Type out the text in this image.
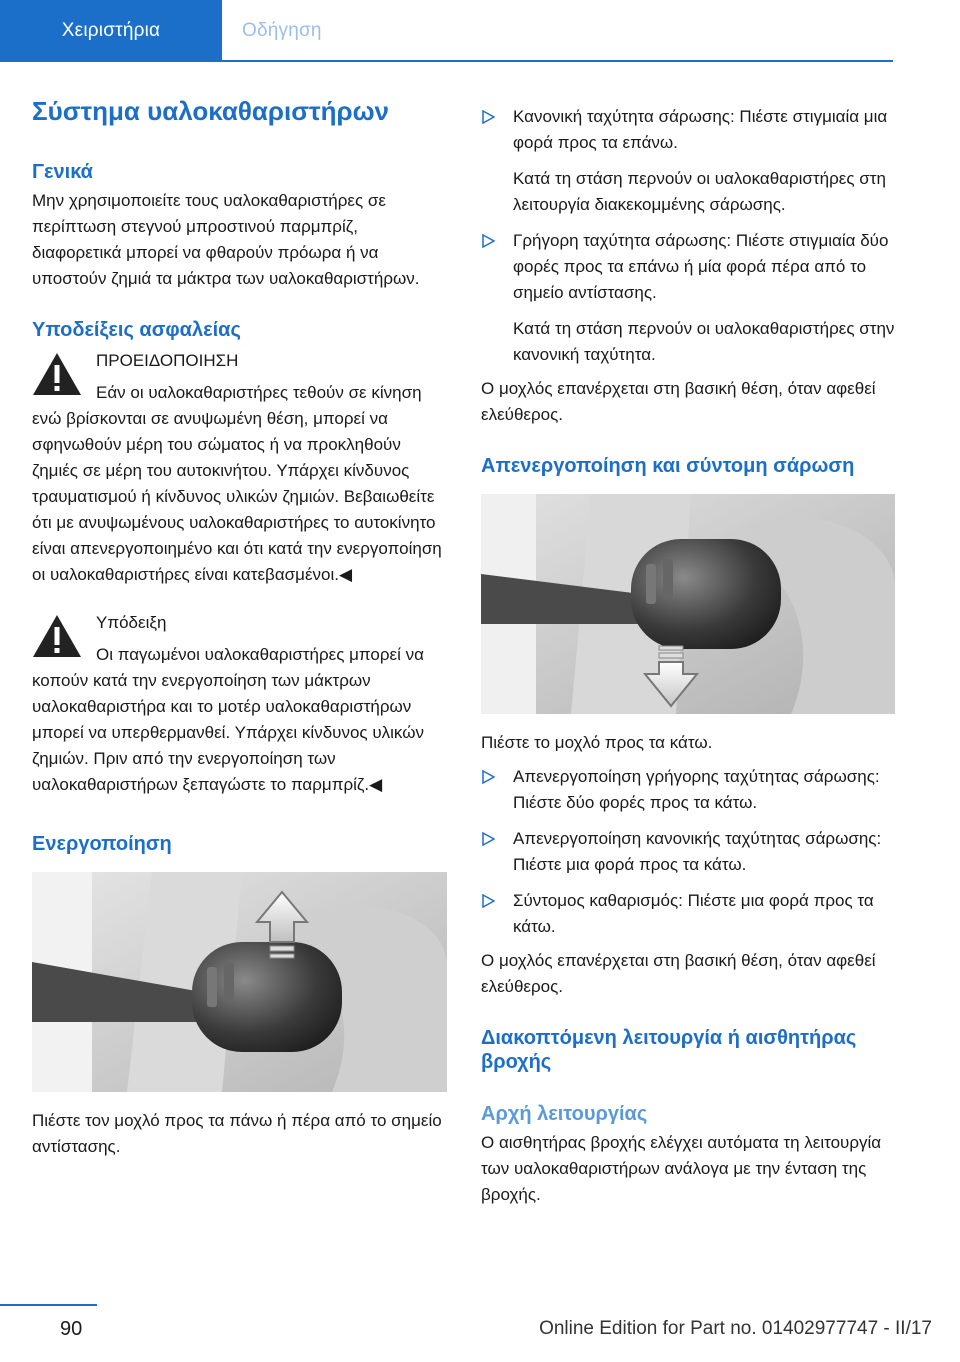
Χειριστήρια	Οδήγηση
Σύστημα υαλοκαθαριστήρων
Γενικά

Μην χρησιμοποιείτε τους υαλοκαθαριστήρες σε περίπτωση στεγνού μπροστινού παρμπρίζ, διαφορετικά μπορεί να φθαρούν πρόωρα ή να υποστούν ζημιά τα μάκτρα των υαλοκαθαριστήρων.

Υποδείξεις ασφαλείας

ΠΡΟΕΙΔΟΠΟΙΗΣΗ

Εάν οι υαλοκαθαριστήρες τεθούν σε κίνηση ενώ βρίσκονται σε ανυψωμένη θέση, μπορεί να σφηνωθούν μέρη του σώματος ή να προκληθούν ζημιές σε μέρη του αυτοκινήτου. Υπάρχει κίνδυνος τραυματισμού ή κίνδυνος υλικών ζημιών. Βεβαιωθείτε ότι με ανυψωμένους υαλοκαθαριστήρες το αυτοκίνητο είναι απενεργοποιημένο και ότι κατά την ενεργοποίηση οι υαλοκαθαριστήρες είναι κατεβασμένοι.◀

Υπόδειξη

Οι παγωμένοι υαλοκαθαριστήρες μπορεί να κοπούν κατά την ενεργοποίηση των μάκτρων υαλοκαθαριστήρα και το μοτέρ υαλοκαθαριστήρων μπορεί να υπερθερμανθεί. Υπάρχει κίνδυνος υλικών ζημιών. Πριν από την ενεργοποίηση των υαλοκαθαριστήρων ξεπαγώστε το παρμπρίζ.◀

Ενεργοποίηση

Πιέστε τον μοχλό προς τα πάνω ή πέρα από το σημείο αντίστασης.

Κανονική ταχύτητα σάρωσης: Πιέστε στιγμιαία μια φορά προς τα επάνω.

Κατά τη στάση περνούν οι υαλοκαθαριστήρες στη λειτουργία διακεκομμένης σάρωσης.

Γρήγορη ταχύτητα σάρωσης: Πιέστε στιγμιαία δύο φορές προς τα επάνω ή μία φορά πέρα από το σημείο αντίστασης.

Κατά τη στάση περνούν οι υαλοκαθαριστήρες στην κανονική ταχύτητα.

Ο μοχλός επανέρχεται στη βασική θέση, όταν αφεθεί ελεύθερος.

Απενεργοποίηση και σύντομη σάρωση

Πιέστε το μοχλό προς τα κάτω.

Απενεργοποίηση γρήγορης ταχύτητας σάρωσης: Πιέστε δύο φορές προς τα κάτω.

Απενεργοποίηση κανονικής ταχύτητας σάρωσης: Πιέστε μια φορά προς τα κάτω.

Σύντομος καθαρισμός: Πιέστε μια φορά προς τα κάτω.

Ο μοχλός επανέρχεται στη βασική θέση, όταν αφεθεί ελεύθερος.

Διακοπτόμενη λειτουργία ή αισθητήρας βροχής
Αρχή λειτουργίας

Ο αισθητήρας βροχής ελέγχει αυτόματα τη λειτουργία των υαλοκαθαριστήρων ανάλογα με την ένταση της βροχής.

90	Online Edition for Part no. 01402977747 - II/17
